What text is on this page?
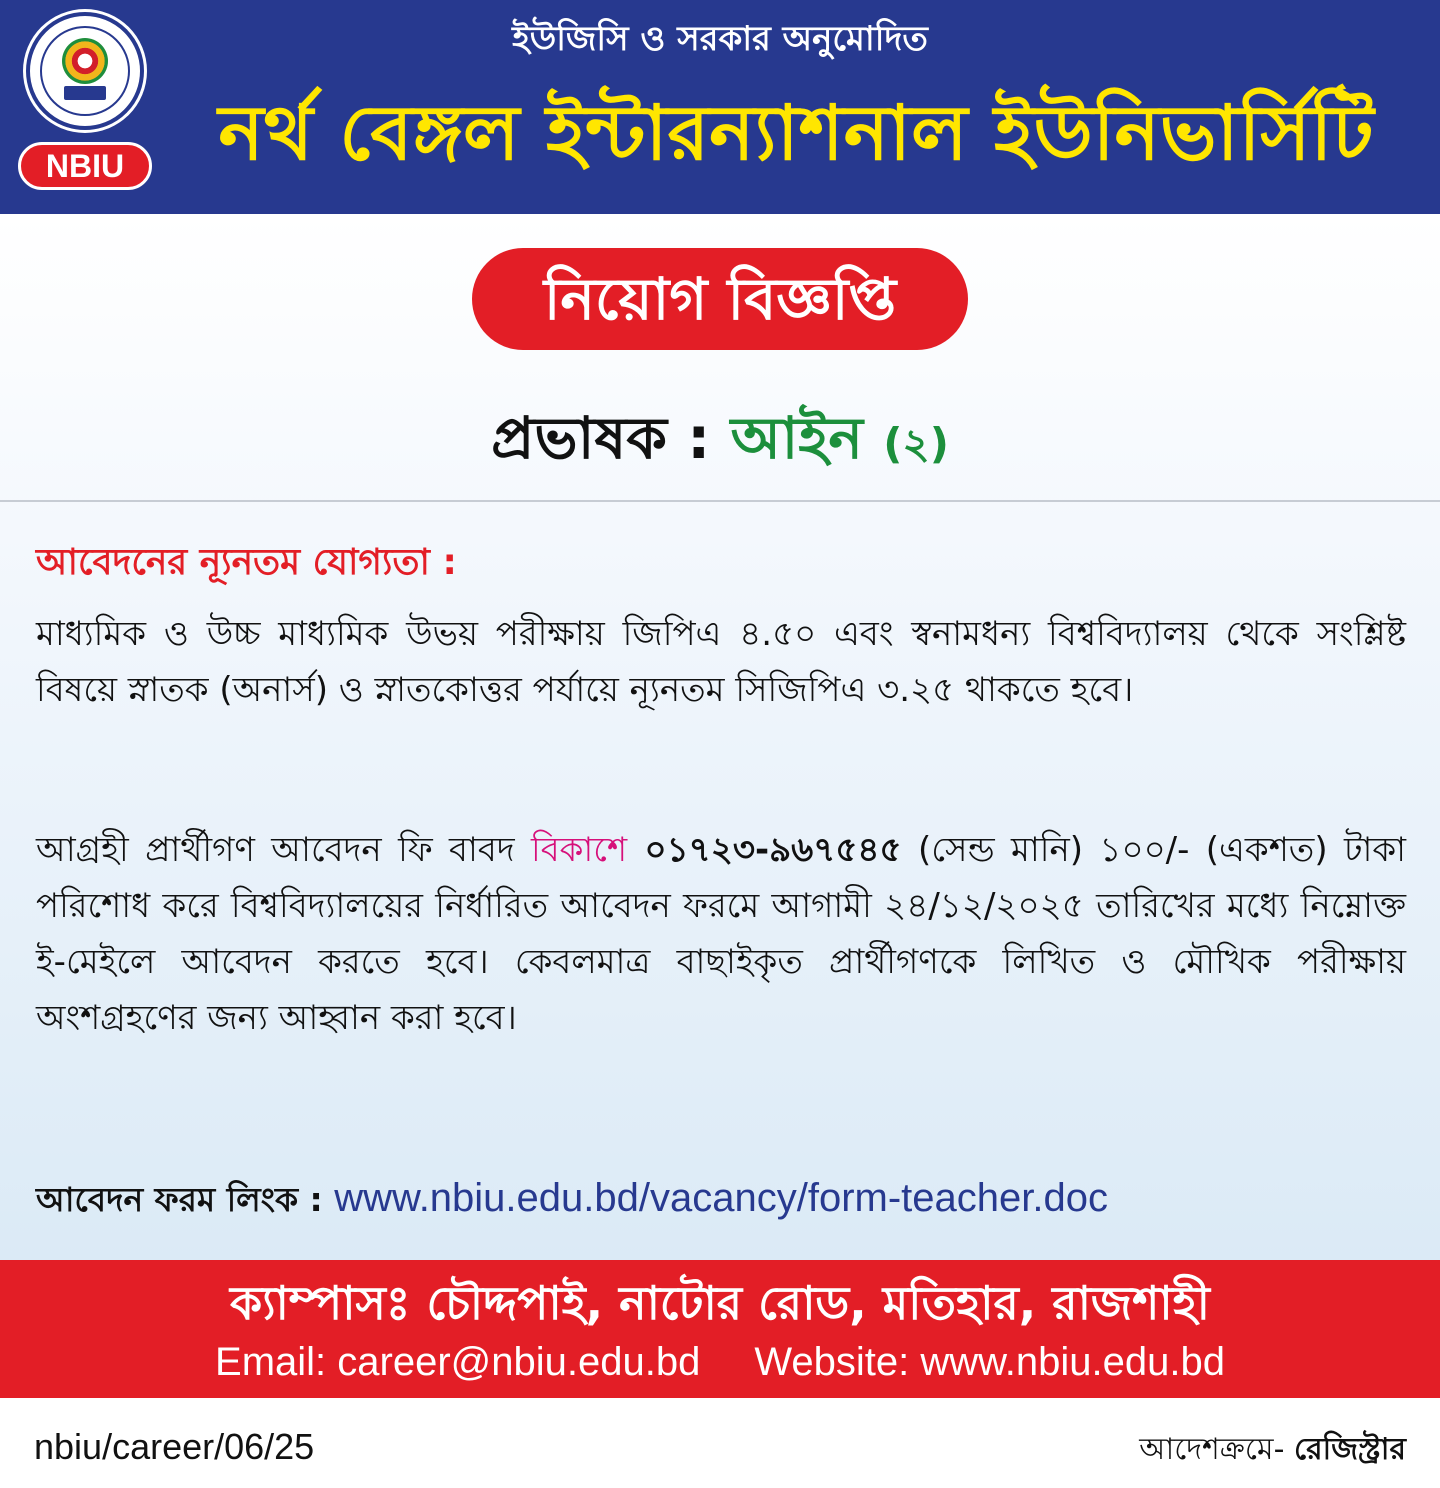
NBIU
ইউজিসি ও সরকার অনুমোদিত
নর্থ বেঙ্গল ইন্টারন্যাশনাল ইউনিভার্সিটি
নিয়োগ বিজ্ঞপ্তি
প্রভাষক : আইন (২)
আবেদনের ন্যূনতম যোগ্যতা :

মাধ্যমিক ও উচ্চ মাধ্যমিক উভয় পরীক্ষায় জিপিএ ৪.৫০ এবং স্বনামধন্য বিশ্ববিদ্যালয় থেকে সংশ্লিষ্ট বিষয়ে স্নাতক (অনার্স) ও স্নাতকোত্তর পর্যায়ে ন্যূনতম সিজিপিএ ৩.২৫ থাকতে হবে।

আগ্রহী প্রার্থীগণ আবেদন ফি বাবদ বিকাশে ০১৭২৩-৯৬৭৫৪৫ (সেন্ড মানি) ১০০/- (একশত) টাকা পরিশোধ করে বিশ্ববিদ্যালয়ের নির্ধারিত আবেদন ফরমে আগামী ২৪/১২/২০২৫ তারিখের মধ্যে নিম্নোক্ত ই-মেইলে আবেদন করতে হবে। কেবলমাত্র বাছাইকৃত প্রার্থীগণকে লিখিত ও মৌখিক পরীক্ষায় অংশগ্রহণের জন্য আহ্বান করা হবে।

আবেদন ফরম লিংক : www.nbiu.edu.bd/vacancy/form-teacher.doc
ক্যাম্পাসঃ চৌদ্দপাই, নাটোর রোড, মতিহার, রাজশাহী
Email: career@nbiu.edu.bd Website: www.nbiu.edu.bd
nbiu/career/06/25	আদেশক্রমে- রেজিস্ট্রার
